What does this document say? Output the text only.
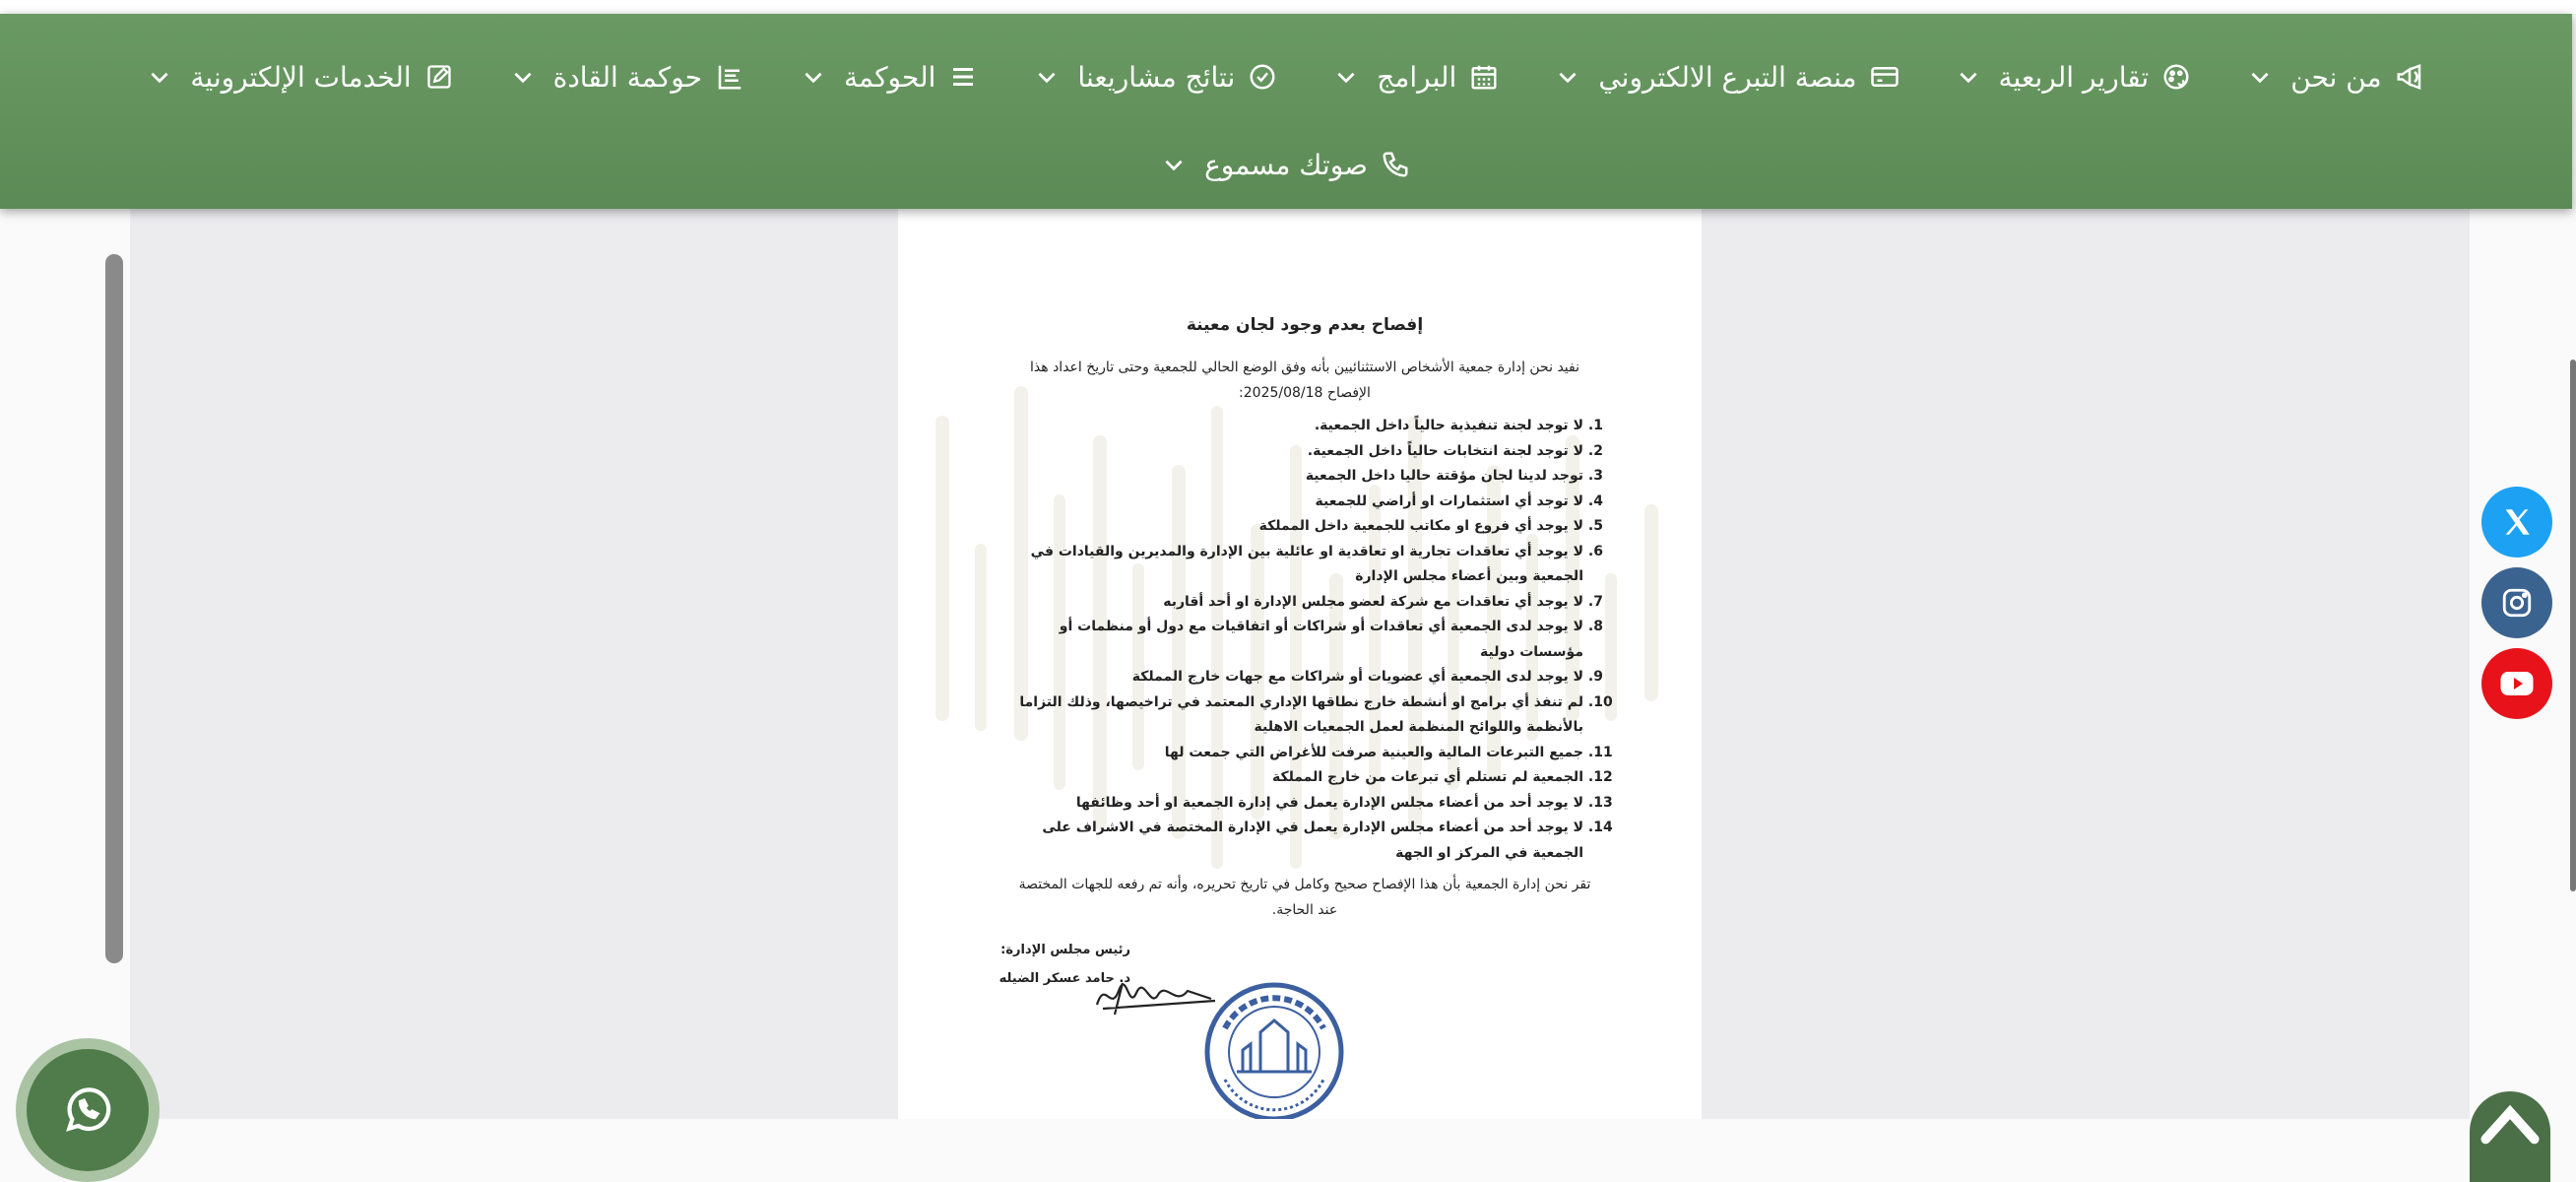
من نحن
تقارير الربعية
منصة التبرع الالكتروني
البرامج
نتائج مشاريعنا
الحوكمة
حوكمة القادة
الخدمات الإلكترونية
صوتك مسموع
إفصاح بعدم وجود لجان معينة
نفيد نحن إدارة جمعية الأشخاص الاستثنائيين بأنه وفق الوضع الحالي للجمعية وحتى تاريخ اعداد هذا الإفصاح 2025/08/18:
1. لا توجد لجنة تنفيذية حالياً داخل الجمعية.
2. لا توجد لجنة انتخابات حالياً داخل الجمعية.
3. توجد لدينا لجان مؤقتة حاليا داخل الجمعية
4. لا توجد أي استثمارات او أراضي للجمعية
5. لا يوجد أي فروع او مكاتب للجمعية داخل المملكة
6. لا يوجد أي تعاقدات تجارية او تعاقدية او عائلية بين الإدارة والمديرين والقيادات في الجمعية وبين أعضاء مجلس الإدارة
7. لا يوجد أي تعاقدات مع شركة لعضو مجلس الإدارة او أحد أقاربه
8. لا يوجد لدى الجمعية أي تعاقدات أو شراكات أو اتفاقيات مع دول أو منظمات أو مؤسسات دولية
9. لا يوجد لدى الجمعية أي عضويات أو شراكات مع جهات خارج المملكة
10. لم تنفذ أي برامج او أنشطة خارج نطاقها الإداري المعتمد في تراخيصها، وذلك التزاما بالأنظمة واللوائح المنظمة لعمل الجمعيات الاهلية
11. جميع التبرعات المالية والعينية صرفت للأغراض التي جمعت لها
12. الجمعية لم تستلم أي تبرعات من خارج المملكة
13. لا يوجد أحد من أعضاء مجلس الإدارة يعمل في إدارة الجمعية او أحد وظائفها
14. لا يوجد أحد من أعضاء مجلس الإدارة يعمل في الإدارة المختصة في الاشراف على الجمعية في المركز او الجهة
تقر نحن إدارة الجمعية بأن هذا الإفصاح صحيح وكامل في تاريخ تحريره، وأنه تم رفعه للجهات المختصة عند الحاجة.
رئيس مجلس الإدارة:
د. حامد عسكر الضيله
